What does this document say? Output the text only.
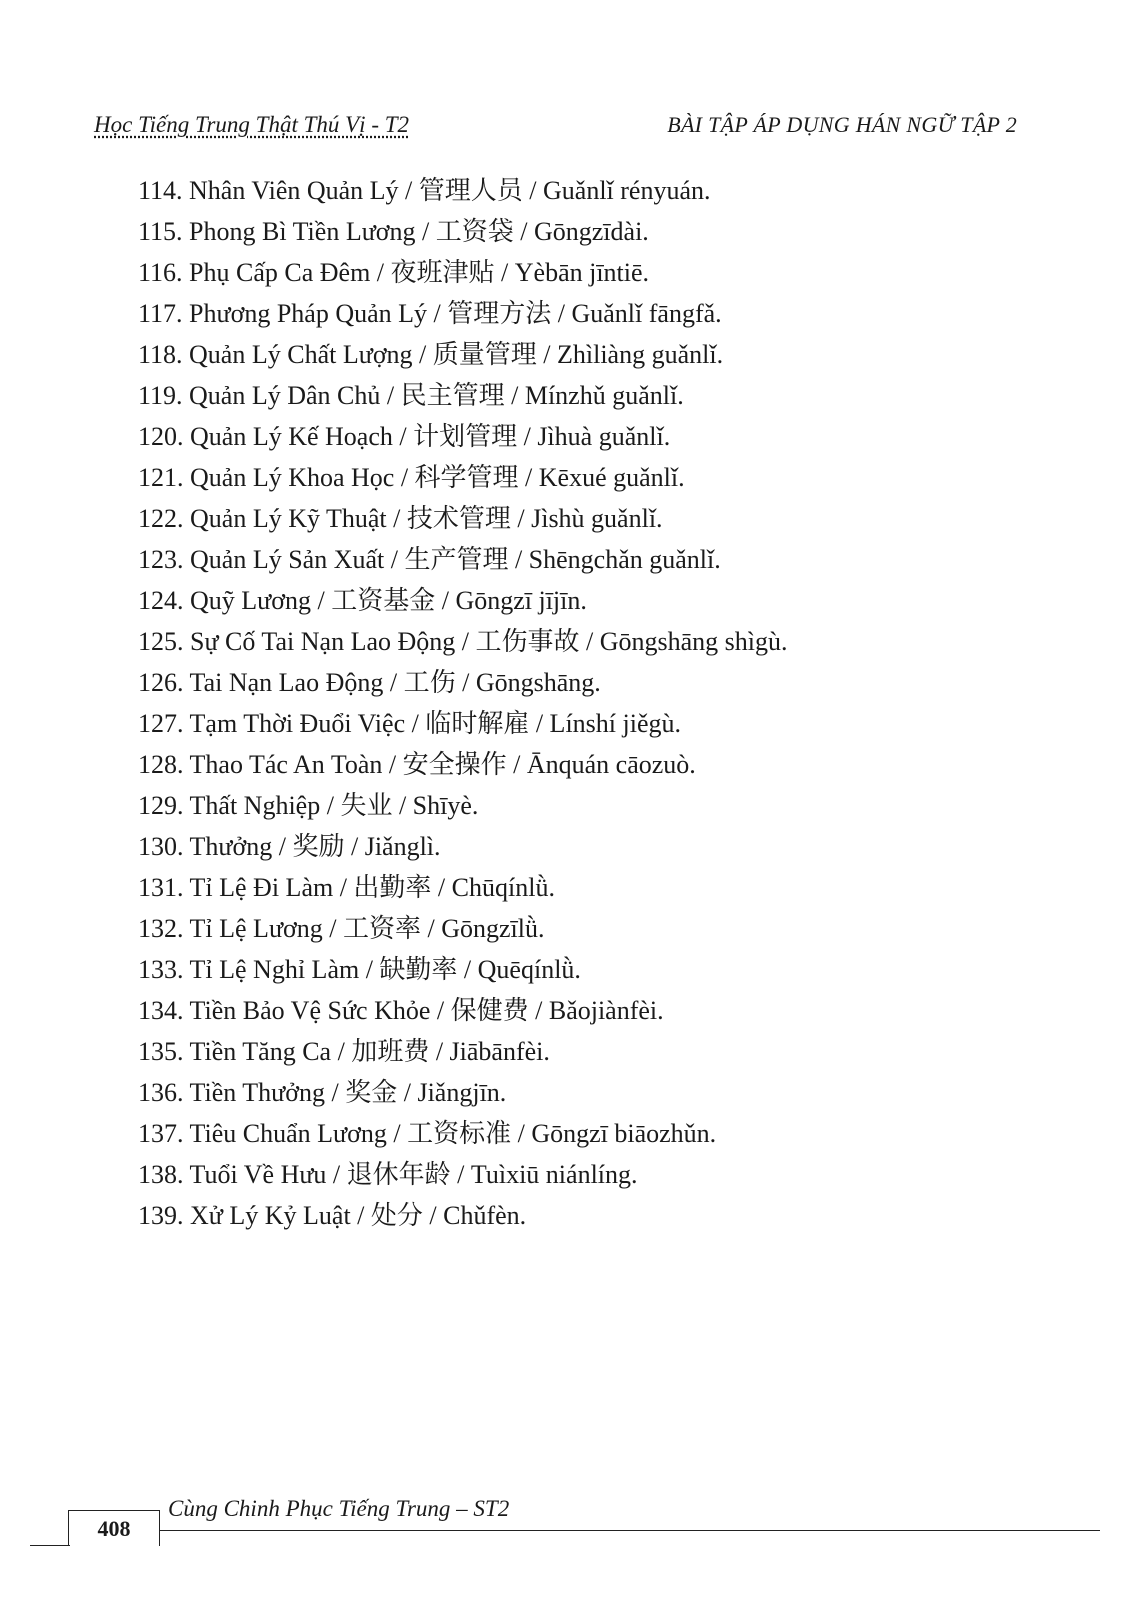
Học Tiếng Trung Thật Thú Vị - T2	BÀI TẬP ÁP DỤNG HÁN NGỮ TẬP 2
114. Nhân Viên Quản Lý / 管理人员 / Guǎnlǐ rényuán.
115. Phong Bì Tiền Lương / 工资袋 / Gōngzīdài.
116. Phụ Cấp Ca Đêm / 夜班津贴 / Yèbān jīntiē.
117. Phương Pháp Quản Lý / 管理方法 / Guǎnlǐ fāngfǎ.
118. Quản Lý Chất Lượng / 质量管理 / Zhìliàng guǎnlǐ.
119. Quản Lý Dân Chủ / 民主管理 / Mínzhǔ guǎnlǐ.
120. Quản Lý Kế Hoạch / 计划管理 / Jìhuà guǎnlǐ.
121. Quản Lý Khoa Học / 科学管理 / Kēxué guǎnlǐ.
122. Quản Lý Kỹ Thuật / 技术管理 / Jìshù guǎnlǐ.
123. Quản Lý Sản Xuất / 生产管理 / Shēngchǎn guǎnlǐ.
124. Quỹ Lương / 工资基金 / Gōngzī jījīn.
125. Sự Cố Tai Nạn Lao Động / 工伤事故 / Gōngshāng shìgù.
126. Tai Nạn Lao Động / 工伤 / Gōngshāng.
127. Tạm Thời Đuổi Việc / 临时解雇 / Línshí jiěgù.
128. Thao Tác An Toàn / 安全操作 / Ānquán cāozuò.
129. Thất Nghiệp / 失业 / Shīyè.
130. Thưởng / 奖励 / Jiǎnglì.
131. Tỉ Lệ Đi Làm / 出勤率 / Chūqínlǜ.
132. Tỉ Lệ Lương / 工资率 / Gōngzīlǜ.
133. Tỉ Lệ Nghỉ Làm / 缺勤率 / Quēqínlǜ.
134. Tiền Bảo Vệ Sức Khỏe / 保健费 / Bǎojiànfèi.
135. Tiền Tăng Ca / 加班费 / Jiābānfèi.
136. Tiền Thưởng / 奖金 / Jiǎngjīn.
137. Tiêu Chuẩn Lương / 工资标准 / Gōngzī biāozhǔn.
138. Tuổi Về Hưu / 退休年龄 / Tuìxiū niánlíng.
139. Xử Lý Kỷ Luật / 处分 / Chǔfèn.
Cùng Chinh Phục Tiếng Trung – ST2
408
